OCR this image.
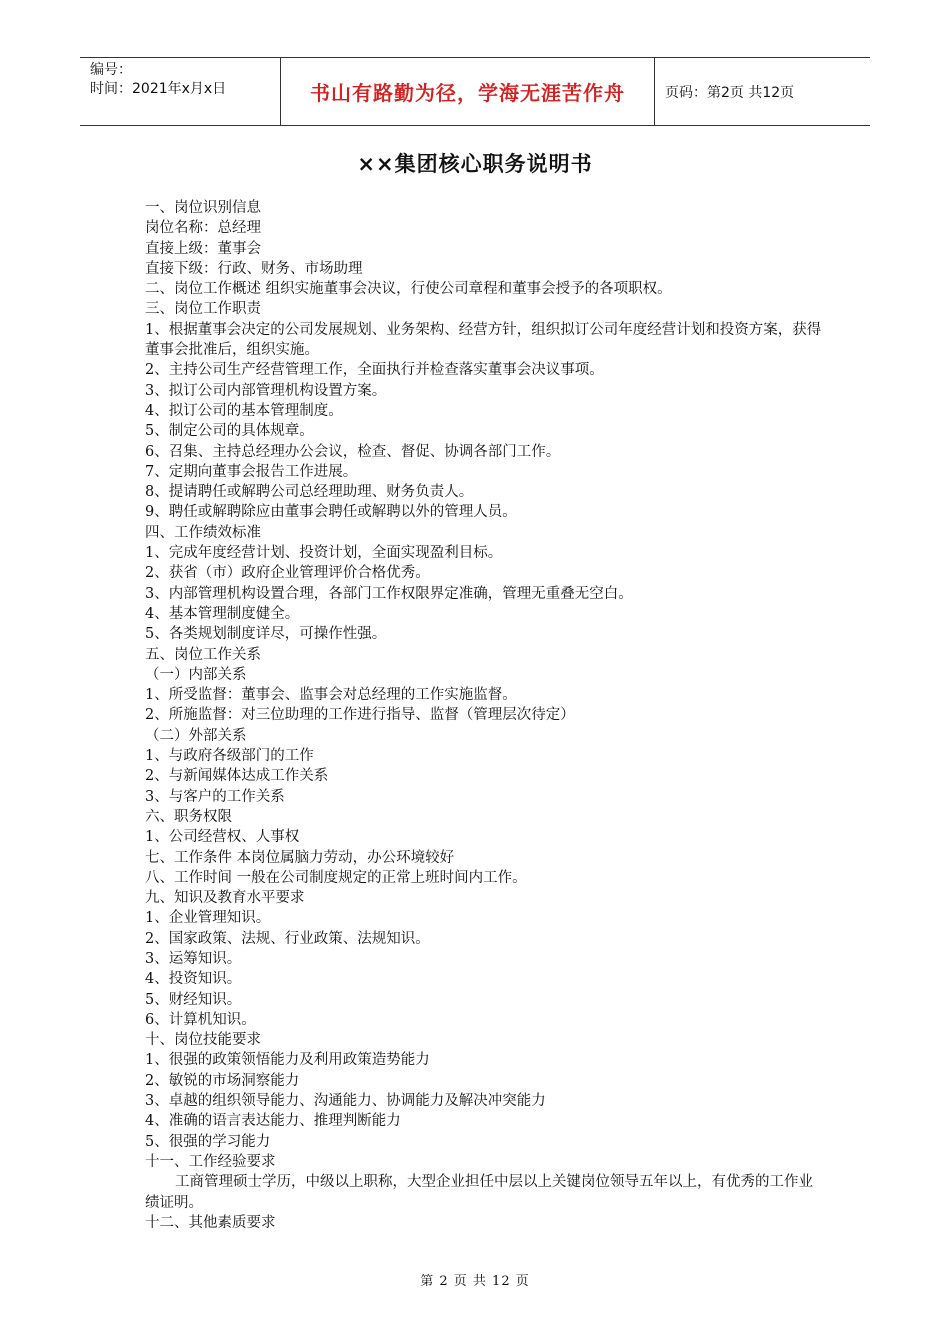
编号：
时间：2021年x月x日	书山有路勤为径，学海无涯苦作舟	页码：第2页 共12页
××集团核心职务说明书
一、岗位识别信息
岗位名称：总经理
直接上级：董事会
直接下级：行政、财务、市场助理
二、岗位工作概述 组织实施董事会决议，行使公司章程和董事会授予的各项职权。
三、岗位工作职责
1、根据董事会决定的公司发展规划、业务架构、经营方针，组织拟订公司年度经营计划和投资方案，获得董事会批准后，组织实施。
2、主持公司生产经营管理工作，全面执行并检查落实董事会决议事项。
3、拟订公司内部管理机构设置方案。
4、拟订公司的基本管理制度。
5、制定公司的具体规章。
6、召集、主持总经理办公会议，检查、督促、协调各部门工作。
7、定期向董事会报告工作进展。
8、提请聘任或解聘公司总经理助理、财务负责人。
9、聘任或解聘除应由董事会聘任或解聘以外的管理人员。
四、工作绩效标准
1、完成年度经营计划、投资计划，全面实现盈利目标。
2、获省（市）政府企业管理评价合格优秀。
3、内部管理机构设置合理，各部门工作权限界定准确，管理无重叠无空白。
4、基本管理制度健全。
5、各类规划制度详尽，可操作性强。
五、岗位工作关系
（一）内部关系
1、所受监督：董事会、监事会对总经理的工作实施监督。
2、所施监督：对三位助理的工作进行指导、监督（管理层次待定）
（二）外部关系
1、与政府各级部门的工作
2、与新闻媒体达成工作关系
3、与客户的工作关系
六、职务权限
1、公司经营权、人事权
七、工作条件 本岗位属脑力劳动，办公环境较好
八、工作时间 一般在公司制度规定的正常上班时间内工作。
九、知识及教育水平要求
1、企业管理知识。
2、国家政策、法规、行业政策、法规知识。
3、运筹知识。
4、投资知识。
5、财经知识。
6、计算机知识。
十、岗位技能要求
1、很强的政策领悟能力及利用政策造势能力
2、敏锐的市场洞察能力
3、卓越的组织领导能力、沟通能力、协调能力及解决冲突能力
4、准确的语言表达能力、推理判断能力
5、很强的学习能力
十一、工作经验要求
工商管理硕士学历，中级以上职称，大型企业担任中层以上关键岗位领导五年以上，有优秀的工作业绩证明。
十二、其他素质要求
第 2 页 共 12 页
